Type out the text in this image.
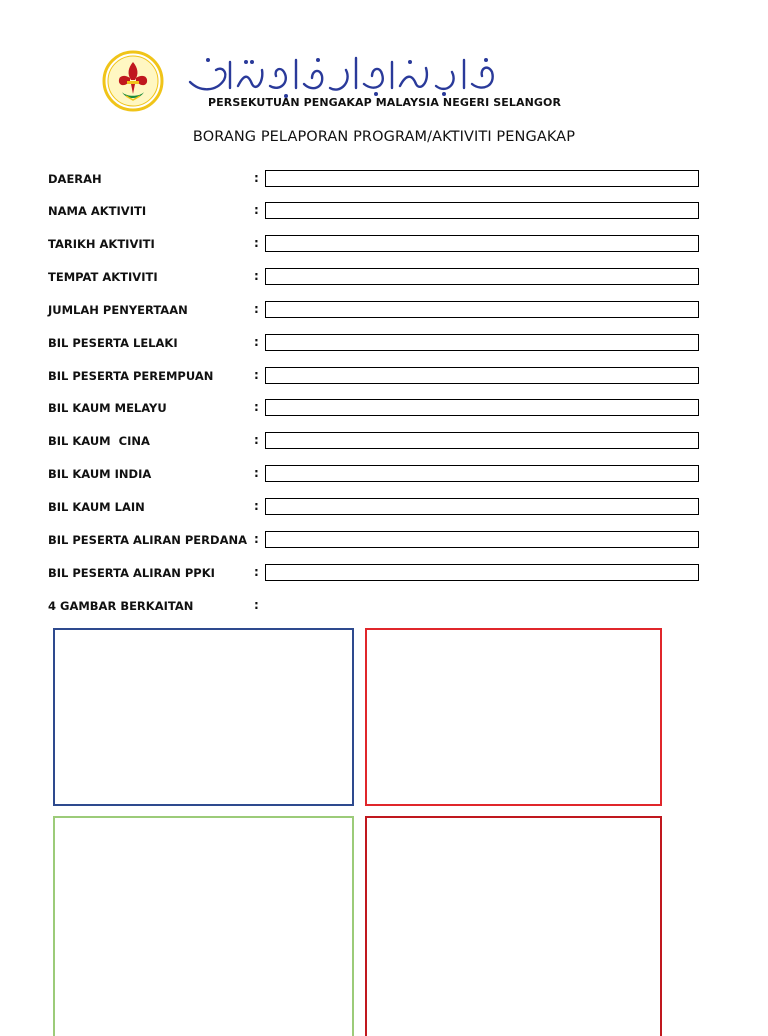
PERSEKUTUAN PENGAKAP MALAYSIA NEGERI SELANGOR
BORANG PELAPORAN PROGRAM/AKTIVITI PENGAKAP
DAERAH	:
NAMA AKTIVITI	:
TARIKH AKTIVITI	:
TEMPAT AKTIVITI	:
JUMLAH PENYERTAAN	:
BIL PESERTA LELAKI	:
BIL PESERTA PEREMPUAN	:
BIL KAUM MELAYU	:
BIL KAUM  CINA	:
BIL KAUM INDIA	:
BIL KAUM LAIN	:
BIL PESERTA ALIRAN PERDANA :
BIL PESERTA ALIRAN PPKI	:
4 GAMBAR BERKAITAN	:
